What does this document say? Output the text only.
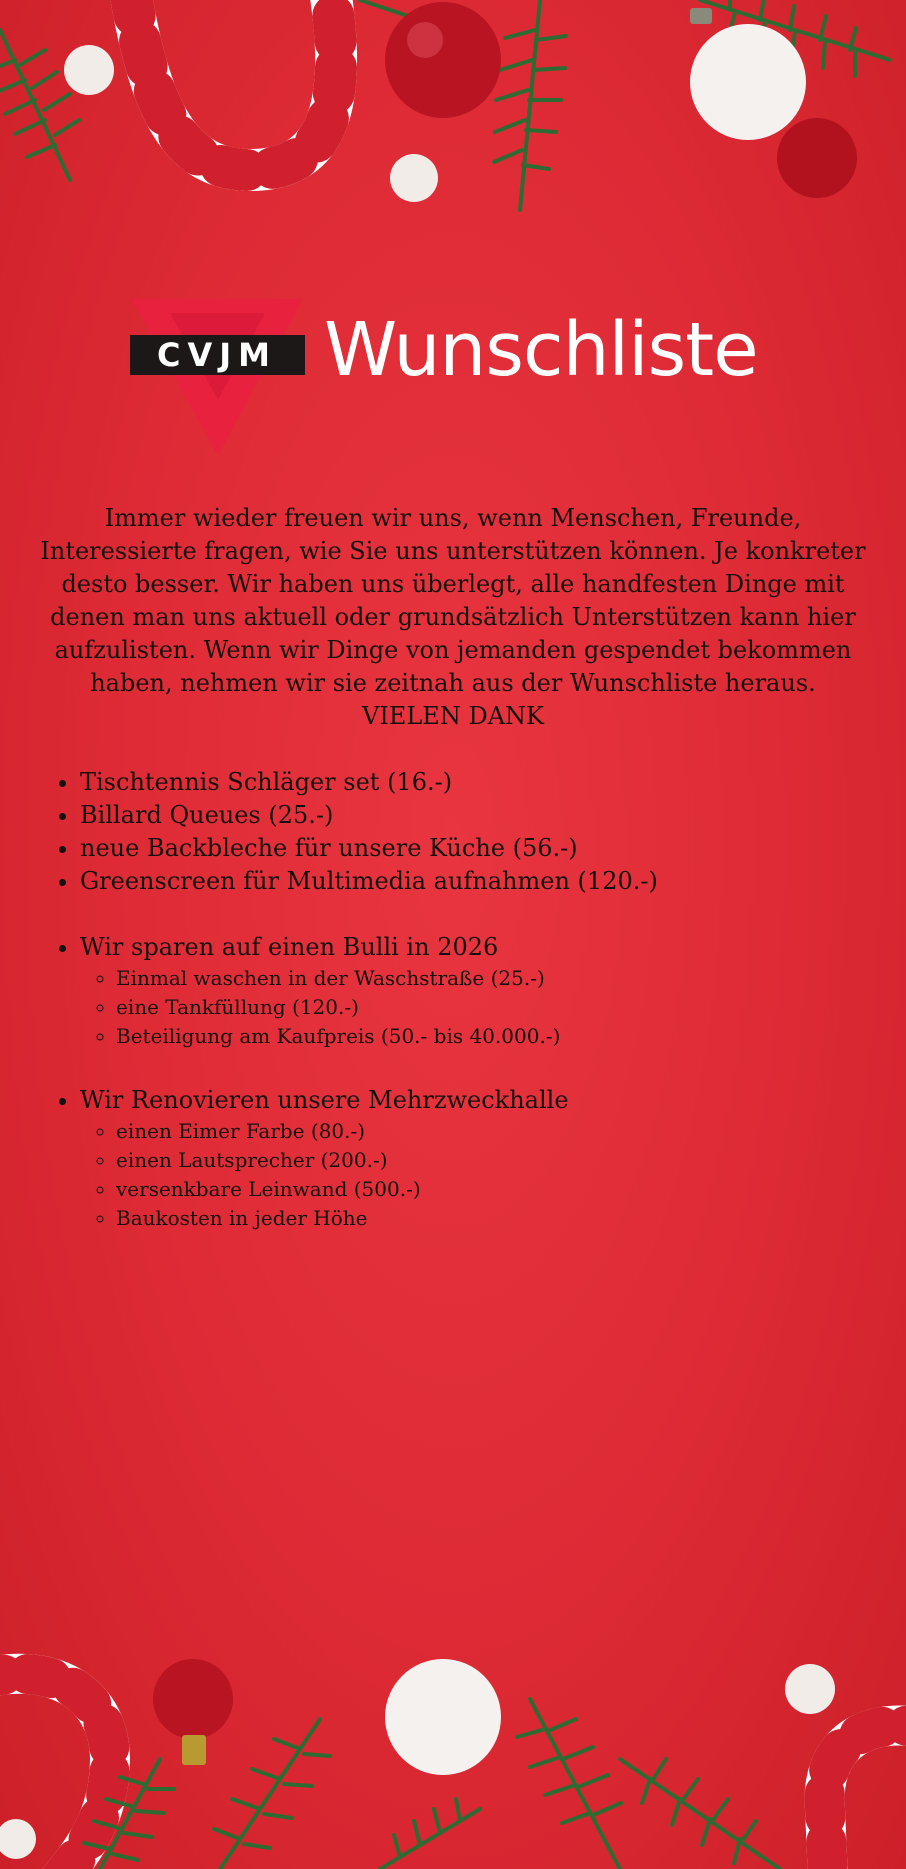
CVJM Wunschliste

Immer wieder freuen wir uns, wenn Menschen, Freunde, Interessierte fragen, wie Sie uns unterstützen können. Je konkreter desto besser. Wir haben uns überlegt, alle handfesten Dinge mit denen man uns aktuell oder grundsätzlich Unterstützen kann hier aufzulisten. Wenn wir Dinge von jemanden gespendet bekommen haben, nehmen wir sie zeitnah aus der Wunschliste heraus.
VIELEN DANK

• Tischtennis Schläger set (16.-)
• Billard Queues (25.-)
• neue Backbleche für unsere Küche (56.-)
• Greenscreen für Multimedia aufnahmen (120.-)
• Wir sparen auf einen Bulli in 2026
◦ Einmal waschen in der Waschstraße (25.-)
◦ eine Tankfüllung (120.-)
◦ Beteiligung am Kaufpreis (50.- bis 40.000.-)
• Wir Renovieren unsere Mehrzweckhalle
◦ einen Eimer Farbe (80.-)
◦ einen Lautsprecher (200.-)
◦ versenkbare Leinwand (500.-)
◦ Baukosten in jeder Höhe
